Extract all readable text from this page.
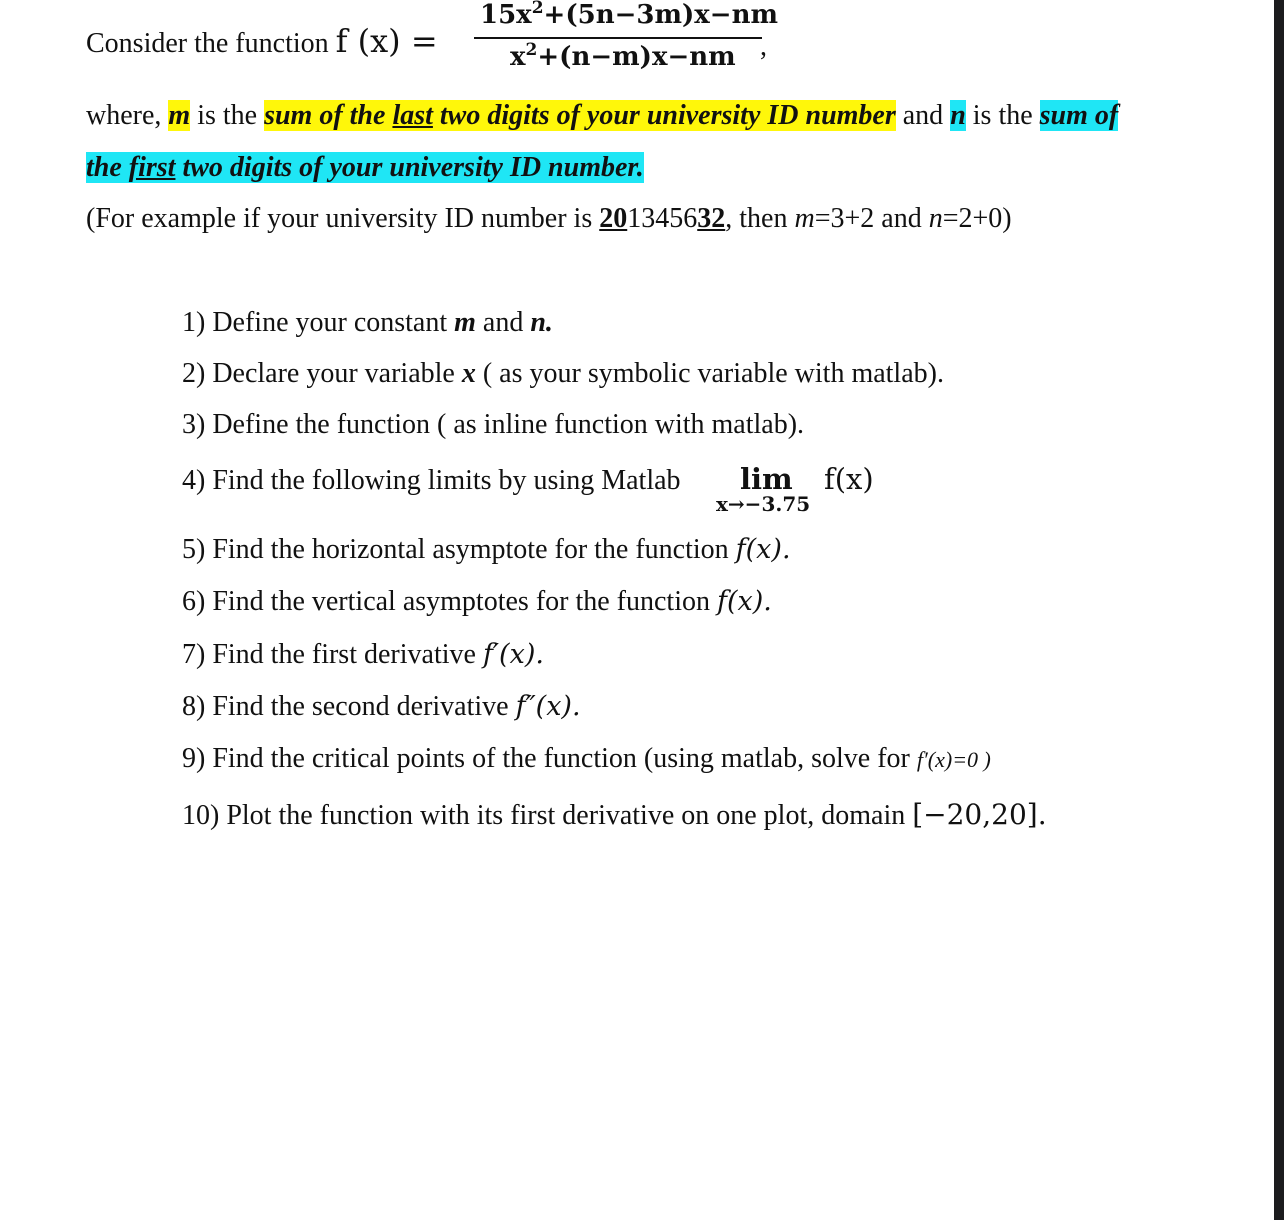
Consider the function f (x) =
$15x^2+(5n-3m)x-nm$
$x^2+(n-m)x-nm$ ,
where, m is the sum of the last two digits of your university ID number and n is the sum of
the first two digits of your university ID number.
(For example if your university ID number is 201345632, then m=3+2 and n=2+0)
1) Define your constant m and n.
2) Declare your variable x ( as your symbolic variable with matlab).
3) Define the function ( as inline function with matlab).
4) Find the following limits by using Matlab lim
x→−3.75
f(x)
5) Find the horizontal asymptote for the function f(x).
6) Find the vertical asymptotes for the function f(x).
7) Find the first derivative f′(x).
8) Find the second derivative f″(x).
9) Find the critical points of the function (using matlab, solve for f′(x)=0 )
10) Plot the function with its first derivative on one plot, domain [−20,20].
